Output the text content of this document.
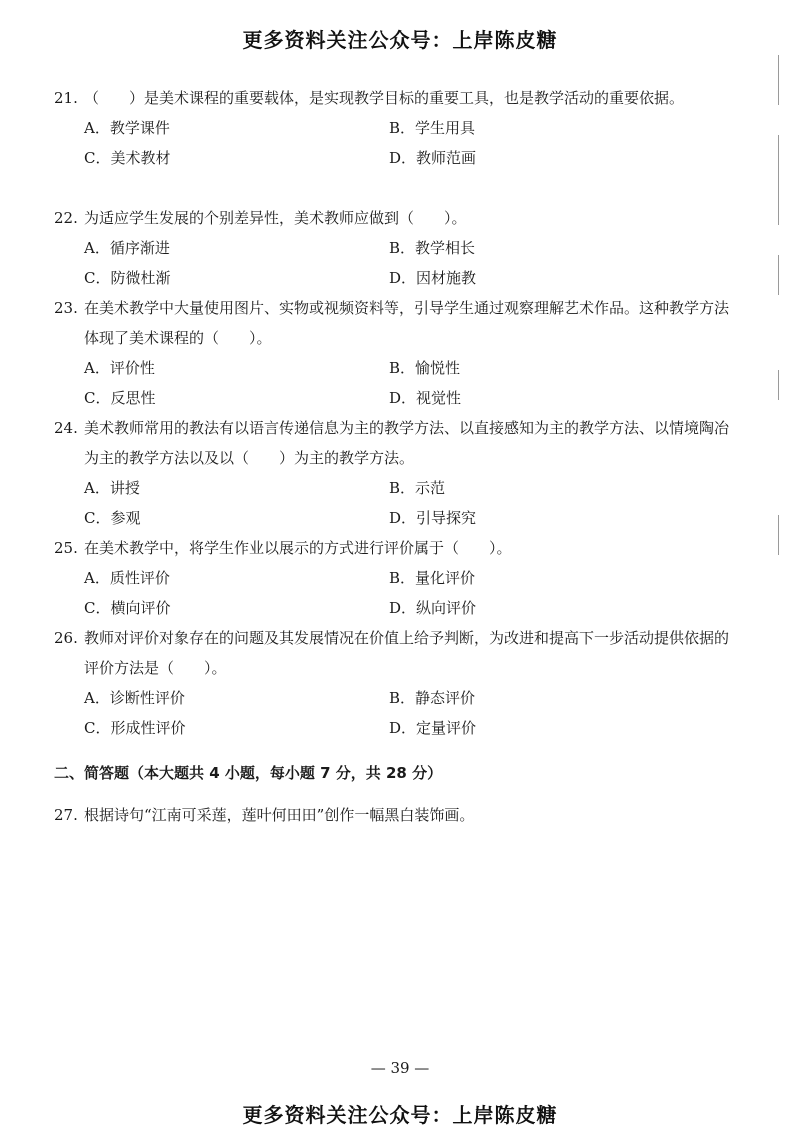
更多资料关注公众号：上岸陈皮糖
21. （　　）是美术课程的重要载体，是实现教学目标的重要工具，也是教学活动的重要依据。
A．教学课件	B．学生用具
C．美术教材	D．教师范画
22. 为适应学生发展的个别差异性，美术教师应做到（　　）。
A．循序渐进	B．教学相长
C．防微杜渐	D．因材施教
23. 在美术教学中大量使用图片、实物或视频资料等，引导学生通过观察理解艺术作品。这种教学方法体现了美术课程的（　　）。
A．评价性	B．愉悦性
C．反思性	D．视觉性
24. 美术教师常用的教法有以语言传递信息为主的教学方法、以直接感知为主的教学方法、以情境陶冶为主的教学方法以及以（　　）为主的教学方法。
A．讲授	B．示范
C．参观	D．引导探究
25. 在美术教学中，将学生作业以展示的方式进行评价属于（　　）。
A．质性评价	B．量化评价
C．横向评价	D．纵向评价
26. 教师对评价对象存在的问题及其发展情况在价值上给予判断，为改进和提高下一步活动提供依据的评价方法是（　　）。
A．诊断性评价	B．静态评价
C．形成性评价	D．定量评价
二、简答题（本大题共 4 小题，每小题 7 分，共 28 分）
27. 根据诗句“江南可采莲，莲叶何田田”创作一幅黑白装饰画。
— 39 —
更多资料关注公众号：上岸陈皮糖
